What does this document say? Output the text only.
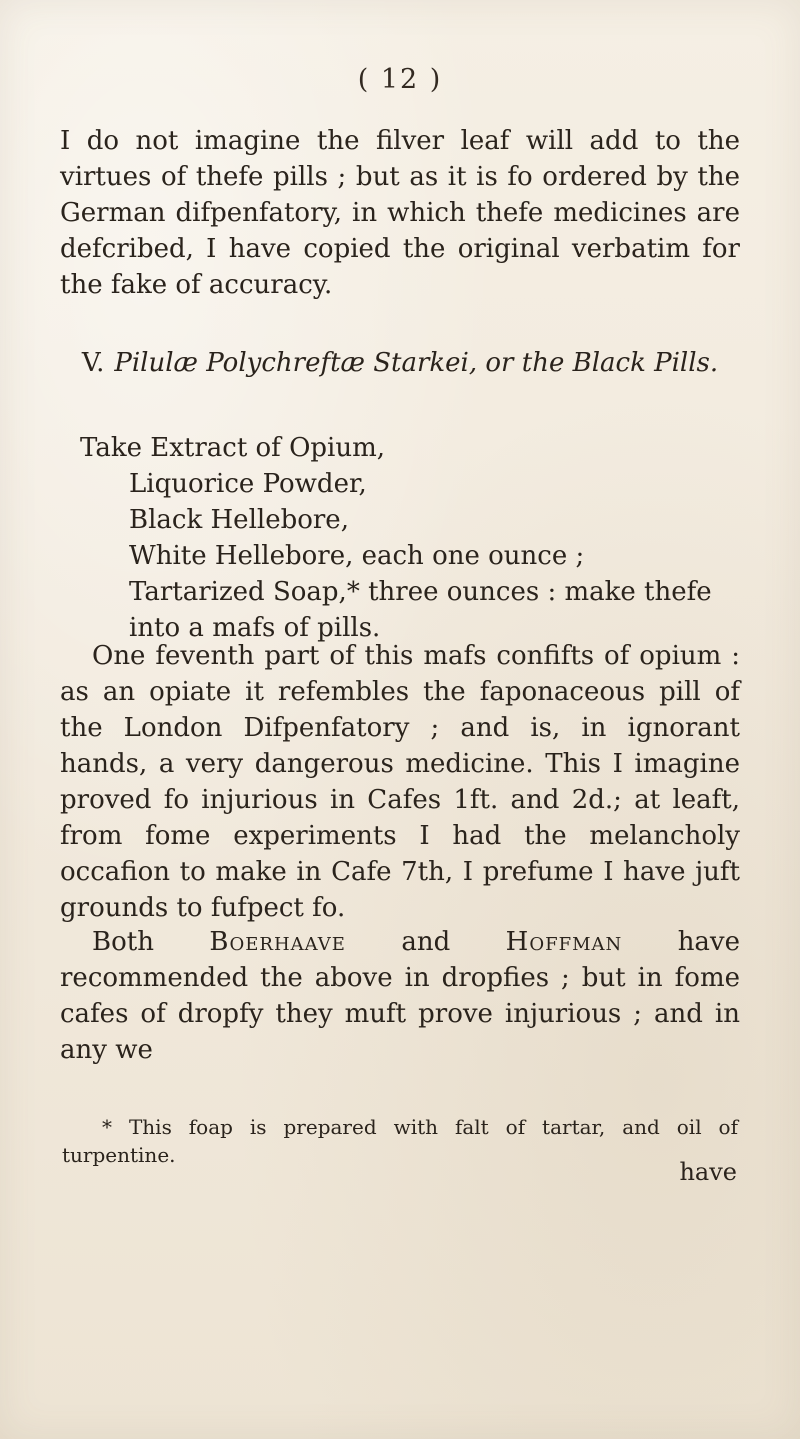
( 12 )

I do not imagine the filver leaf will add to the virtues of thefe pills ; but as it is fo ordered by the German difpenfatory, in which thefe medicines are defcribed, I have copied the original verbatim for the fake of accuracy.

V. Pilulæ Polychreftæ Starkei, or the Black Pills.
Take Extract of Opium,
Liquorice Powder,
Black Hellebore,
White Hellebore, each one ounce ;
Tartarized Soap,* three ounces : make thefe into a mafs of pills.

One feventh part of this mafs confifts of opium : as an opiate it refembles the faponaceous pill of the London Difpenfatory ; and is, in ignorant hands, a very dangerous medicine. This I imagine proved fo injurious in Cafes 1ft. and 2d.; at leaft, from fome experiments I had the melancholy occafion to make in Cafe 7th, I prefume I have juft grounds to fufpect fo.

Both Boerhaave and Hoffman have recommended the above in dropfies ; but in fome cafes of dropfy they muft prove injurious ; and in any we

* This foap is prepared with falt of tartar, and oil of turpentine.

have
